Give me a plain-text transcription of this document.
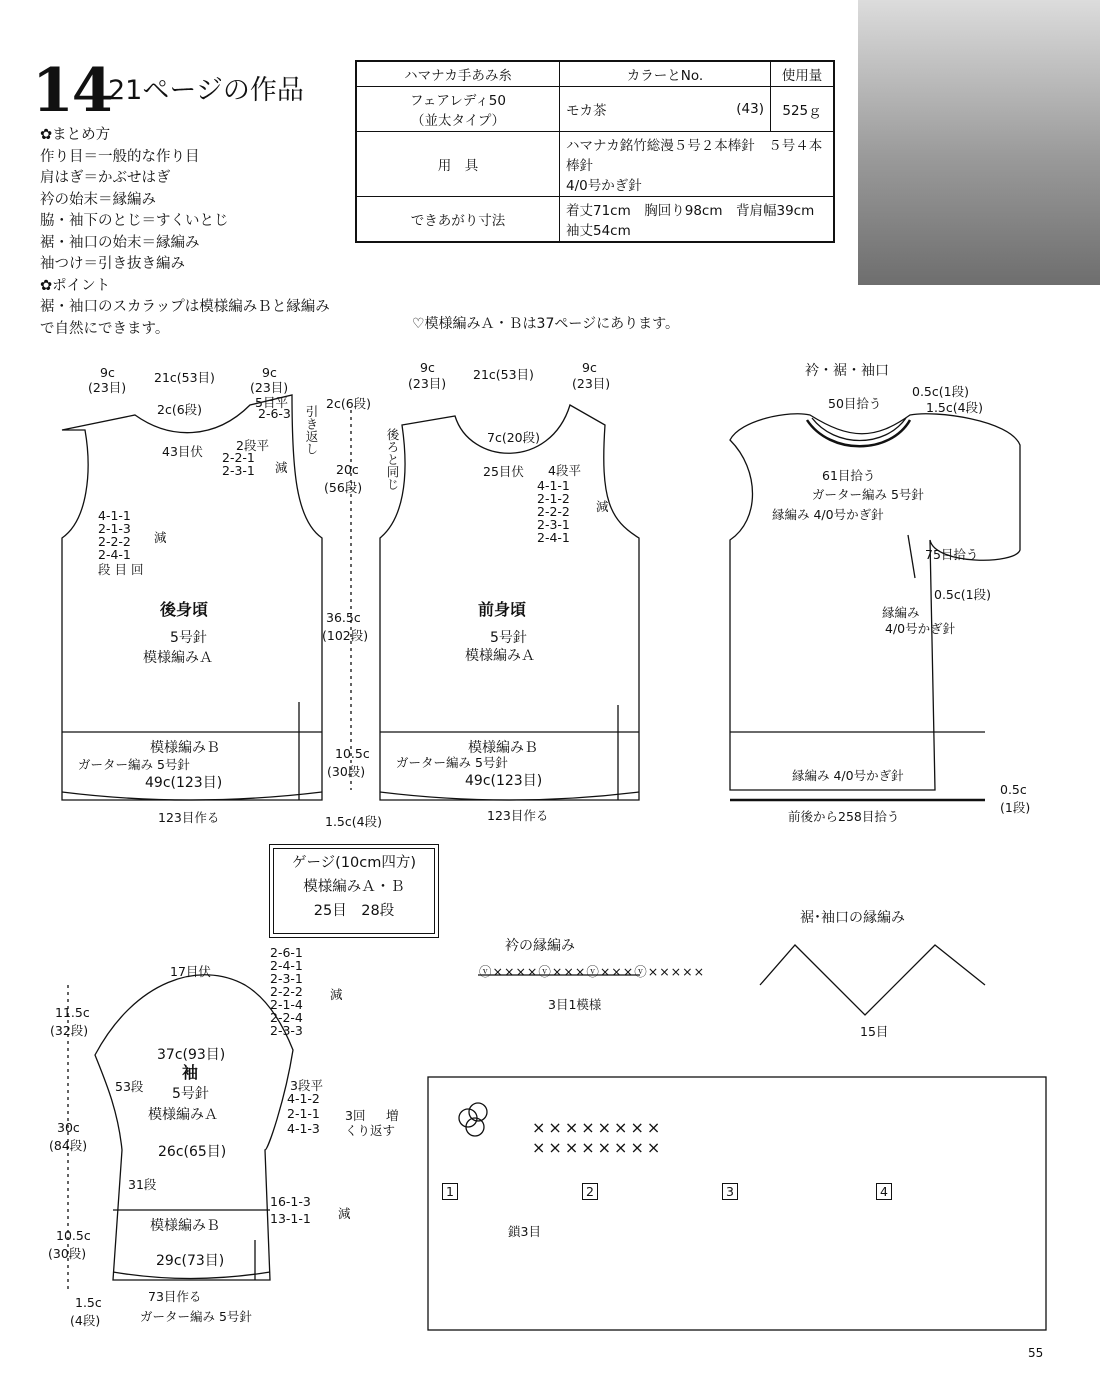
14
21ページの作品
✿まとめ方
作り目＝一般的な作り目
肩はぎ＝かぶせはぎ
衿の始末＝縁編み
脇・袖下のとじ＝すくいとじ
裾・袖口の始末＝縁編み
袖つけ＝引き抜き編み
✿ポイント
裾・袖口のスカラップは模様編みＢと縁編み
で自然にできます。
ハマナカ手あみ糸	カラーとNo.		使用量

フェアレディ50
（並太タイプ）	モカ茶	(43)	525ｇ
用　具	ハマナカ銘竹総漫５号２本棒針　５号４本棒針
4/0号かぎ針		

できあがり寸法	着丈71cm　胸回り98cm　背肩幅39cm　袖丈54cm		
♡模様編みＡ・Ｂは37ページにあります。
9c
(23目)
21c(53目)	9c
(23目)
2c(6段)	5目平
2-6-3 引き返し
43目伏	2段平
2-2-1
2-3-1 減
4-1-1
2-1-3
2-2-2
2-4-1
段 目 回
減
後身頃
5号針
模様編みＡ
模様編みＢ
ガーター編み 5号針
49c(123目)
123目作る
2c(6段)
20c
(56段)
36.5c
(102段)
10.5c
(30段)
1.5c(4段)
9c
(23目)
21c(53目)	9c
(23目)
後ろと同じ	7c(20段)
25目伏 4段平
4-1-1
2-1-2
2-2-2
2-3-1
2-4-1
減
前身頃
5号針
模様編みＡ
模様編みＢ
ガーター編み 5号針
49c(123目)
123目作る
衿・裾・袖口
50目拾う
0.5c(1段)
1.5c(4段)
61目拾う
ガーター編み 5号針
縁編み 4/0号かぎ針
75目拾う
0.5c(1段)
縁編み
4/0号かぎ針
縁編み 4/0号かぎ針
0.5c
(1段)
前後から258目拾う
ゲージ(10cm四方)
模様編みＡ・Ｂ
25目　28段
17目伏
2-6-1
2-4-1
2-3-1
2-2-2
2-1-4
2-2-4
2-3-3
減
11.5c
(32段)
37c(93目)
袖
5号針
模様編みＡ
53段	3段平
4-1-2
2-1-1
4-1-3
3回
くり返す
増
30c
(84段)	26c(65目)
31段
模様編みＢ
16-1-3
13-1-1 減
10.5c
(30段)	29c(73目)
1.5c
(4段)
73目作る
ガーター編み 5号針
衿の縁編み
ⓥ××××ⓥ×××ⓥ×××ⓥ×××××
3目1模様
裾･袖口の縁編み
15目
××××××××
××××××××
1	2	3	4
鎖3目
55
